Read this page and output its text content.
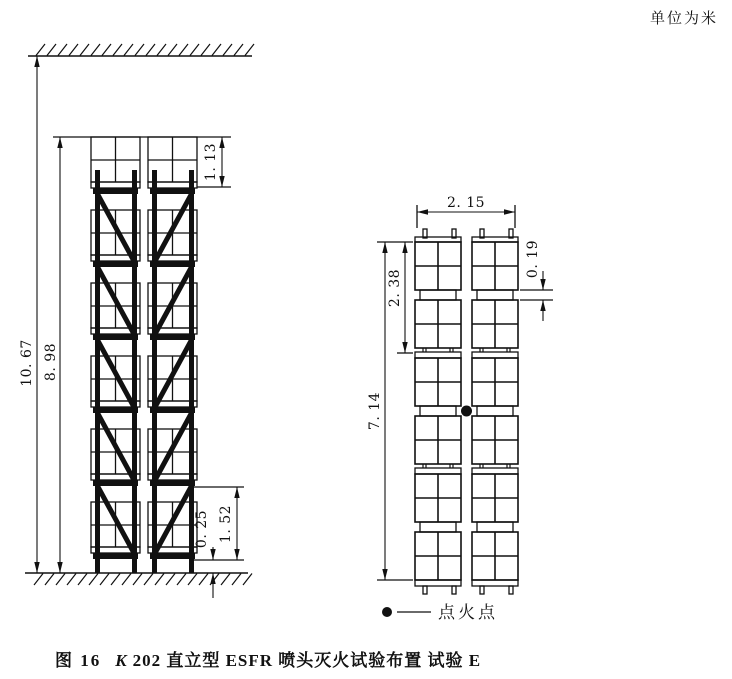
10. 67 8. 98
1. 13
1. 52
0. 25
2. 15
7. 14
2. 38
0. 19
点火点
单位为米
图 16 K 202 直立型 ESFR 喷头灭火试验布置 试验 E
